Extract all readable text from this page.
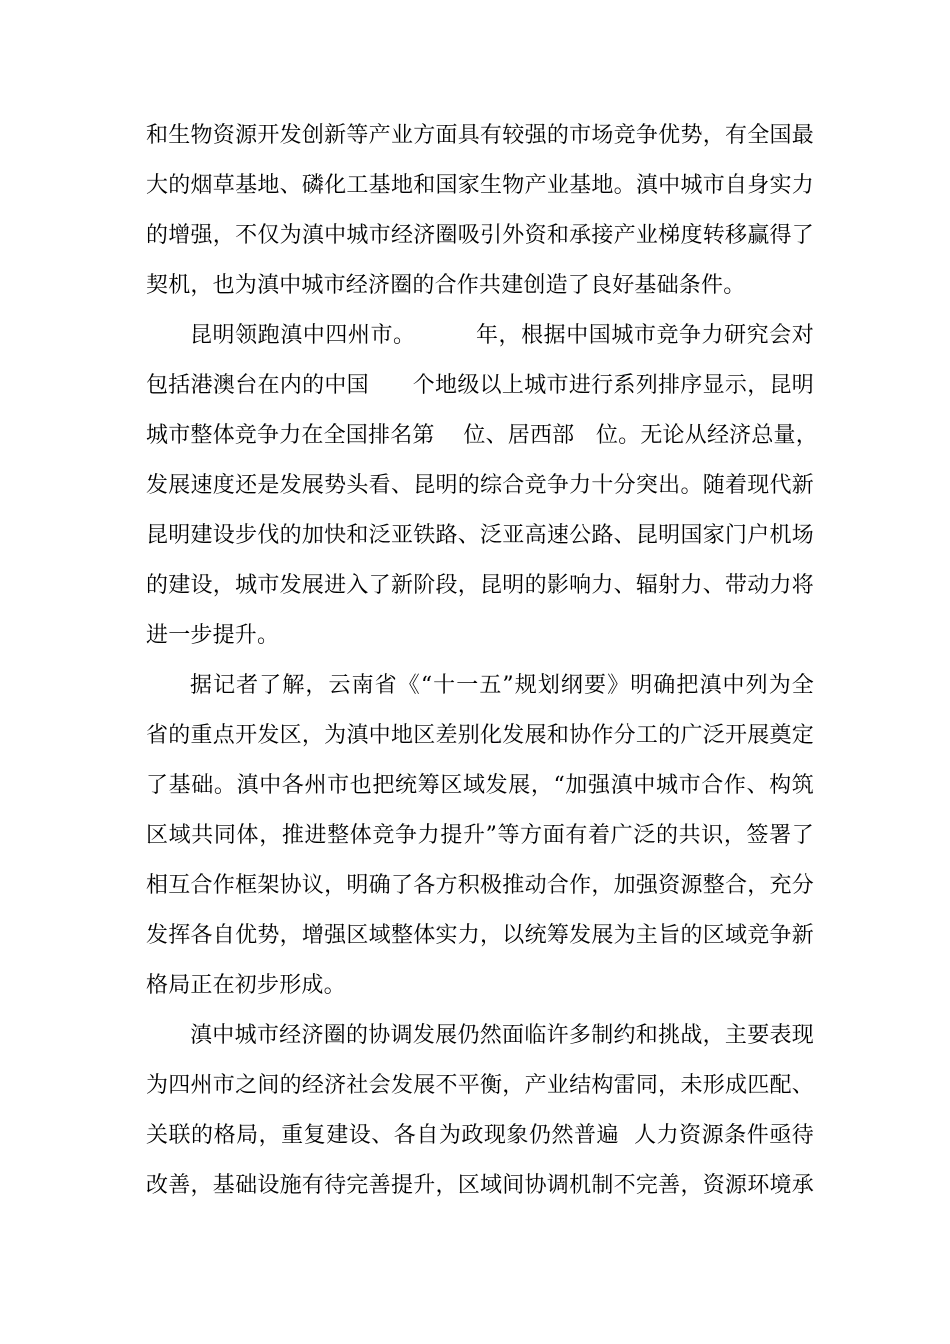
和生物资源开发创新等产业方面具有较强的市场竞争优势，有全国最
大的烟草基地、磷化工基地和国家生物产业基地。滇中城市自身实力
的增强，不仅为滇中城市经济圈吸引外资和承接产业梯度转移赢得了
契机，也为滇中城市经济圈的合作共建创造了良好基础条件。
昆明领跑滇中四州市。        年，根据中国城市竞争力研究会对
包括港澳台在内的中国      个地级以上城市进行系列排序显示，昆明
城市整体竞争力在全国排名第    位、居西部   位。无论从经济总量，
发展速度还是发展势头看、昆明的综合竞争力十分突出。随着现代新
昆明建设步伐的加快和泛亚铁路、泛亚高速公路、昆明国家门户机场
的建设，城市发展进入了新阶段，昆明的影响力、辐射力、带动力将
进一步提升。
据记者了解，云南省《“十一五”规划纲要》明确把滇中列为全
省的重点开发区，为滇中地区差别化发展和协作分工的广泛开展奠定
了基础。滇中各州市也把统筹区域发展，“加强滇中城市合作、构筑
区域共同体，推进整体竞争力提升”等方面有着广泛的共识，签署了
相互合作框架协议，明确了各方积极推动合作，加强资源整合，充分
发挥各自优势，增强区域整体实力，以统筹发展为主旨的区域竞争新
格局正在初步形成。
滇中城市经济圈的协调发展仍然面临许多制约和挑战，主要表现
为四州市之间的经济社会发展不平衡，产业结构雷同，未形成匹配、
关联的格局，重复建设、各自为政现象仍然普遍  人力资源条件亟待
改善，基础设施有待完善提升，区域间协调机制不完善，资源环境承
